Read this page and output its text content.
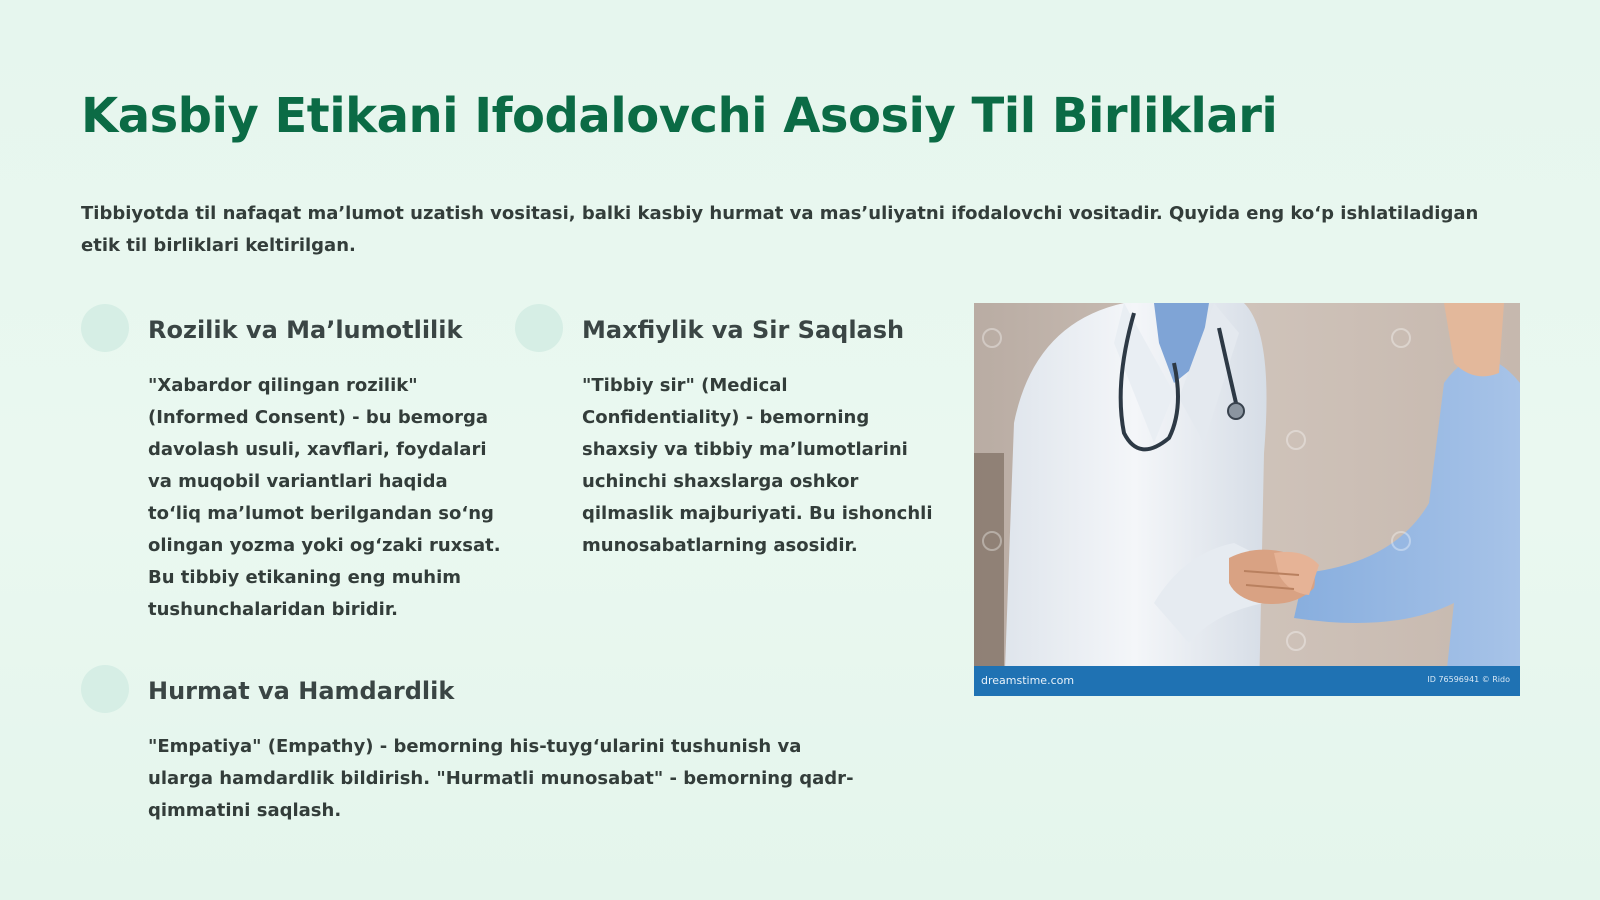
Kasbiy Etikani Ifodalovchi Asosiy Til Birliklari

Tibbiyotda til nafaqat ma’lumot uzatish vositasi, balki kasbiy hurmat va mas’uliyatni ifodalovchi vositadir. Quyida eng ko‘p ishlatiladigan etik til birliklari keltirilgan.

Rozilik va Ma’lumotlilik

"Xabardor qilingan rozilik" (Informed Consent) - bu bemorga davolash usuli, xavflari, foydalari va muqobil variantlari haqida to‘liq ma’lumot berilgandan so‘ng olingan yozma yoki og‘zaki ruxsat. Bu tibbiy etikaning eng muhim tushunchalaridan biridir.

Maxfiylik va Sir Saqlash

"Tibbiy sir" (Medical Confidentiality) - bemorning shaxsiy va tibbiy ma’lumotlarini uchinchi shaxslarga oshkor qilmaslik majburiyati. Bu ishonchli munosabatlarning asosidir.

Hurmat va Hamdardlik

"Empatiya" (Empathy) - bemorning his-tuyg‘ularini tushunish va ularga hamdardlik bildirish. "Hurmatli munosabat" - bemorning qadr-qimmatini saqlash.

dreamstime.com	ID 76596941 © Rido
